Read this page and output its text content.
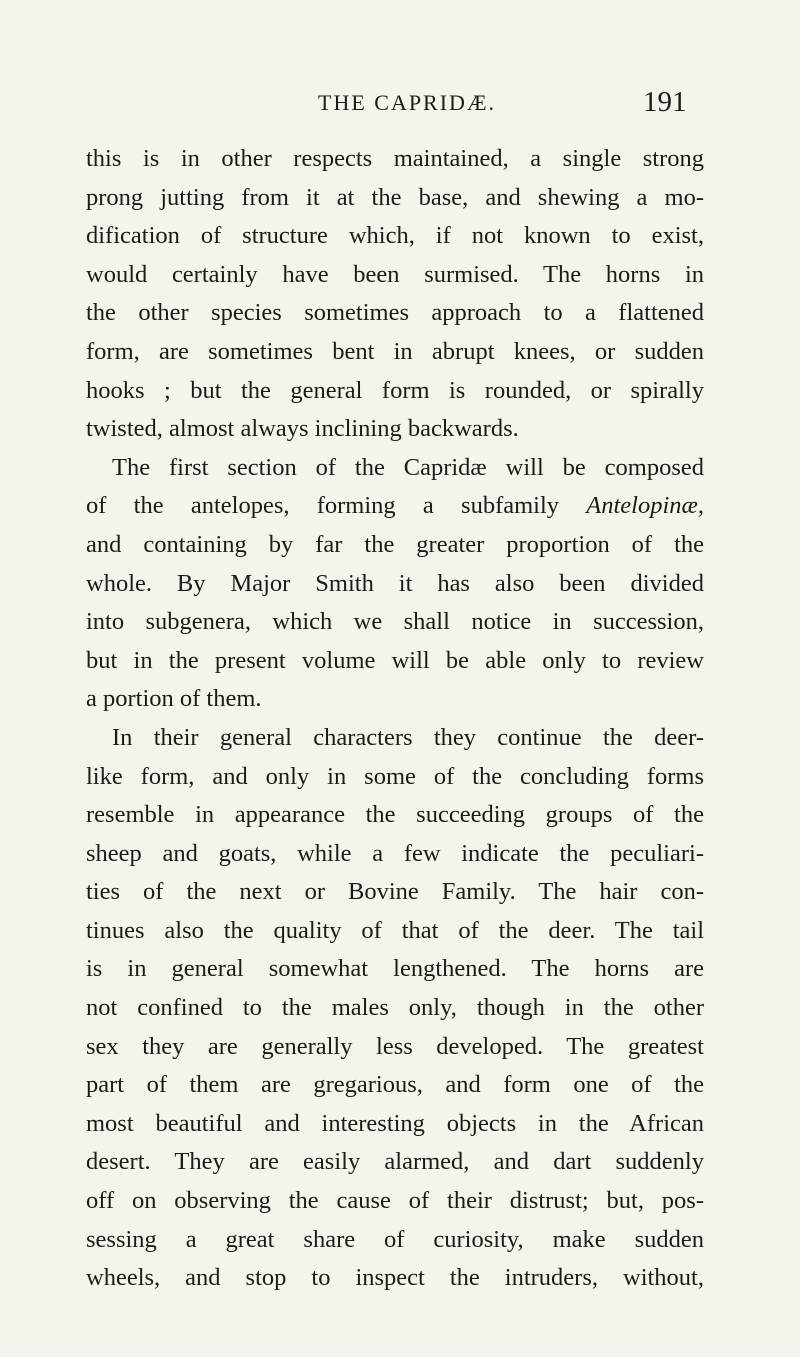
THE CAPRIDÆ.	191
this is in other respects maintained, a single strong
prong jutting from it at the base, and shewing a mo-
dification of structure which, if not known to exist,
would certainly have been surmised. The horns in
the other species sometimes approach to a flattened
form, are sometimes bent in abrupt knees, or sudden
hooks ; but the general form is rounded, or spirally
twisted, almost always inclining backwards.
The first section of the Capridæ will be composed
of the antelopes, forming a subfamily Antelopinæ,
and containing by far the greater proportion of the
whole. By Major Smith it has also been divided
into subgenera, which we shall notice in succession,
but in the present volume will be able only to review
a portion of them.
In their general characters they continue the deer-
like form, and only in some of the concluding forms
resemble in appearance the succeeding groups of the
sheep and goats, while a few indicate the peculiari-
ties of the next or Bovine Family. The hair con-
tinues also the quality of that of the deer. The tail
is in general somewhat lengthened. The horns are
not confined to the males only, though in the other
sex they are generally less developed. The greatest
part of them are gregarious, and form one of the
most beautiful and interesting objects in the African
desert. They are easily alarmed, and dart suddenly
off on observing the cause of their distrust; but, pos-
sessing a great share of curiosity, make sudden
wheels, and stop to inspect the intruders, without,
